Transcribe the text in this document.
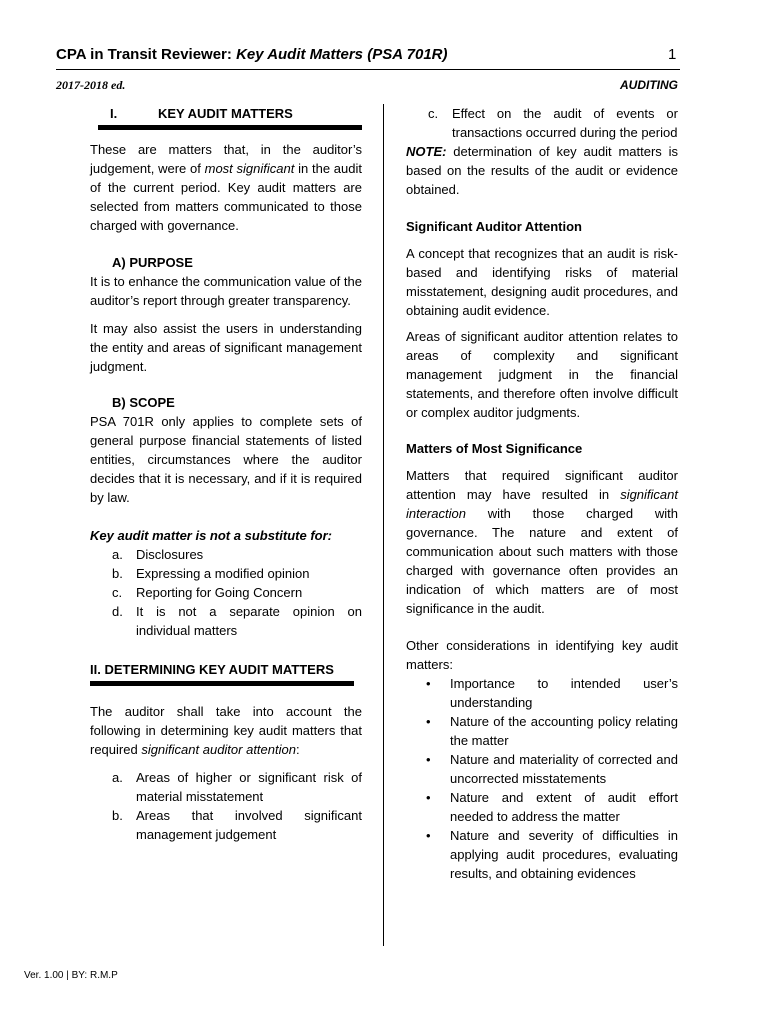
CPA in Transit Reviewer: Key Audit Matters (PSA 701R)	1
2017-2018 ed.	AUDITING
I.	KEY AUDIT MATTERS

These are matters that, in the auditor’s judgement, were of most significant in the audit of the current period. Key audit matters are selected from matters communicated to those charged with governance.

A) PURPOSE

It is to enhance the communication value of the auditor’s report through greater transparency.

It may also assist the users in understanding the entity and areas of significant management judgment.

B) SCOPE

PSA 701R only applies to complete sets of general purpose financial statements of listed entities, circumstances where the auditor decides that it is necessary, and if it is required by law.

Key audit matter is not a substitute for:
a.	Disclosures
b.	Expressing a modified opinion
c.	Reporting for Going Concern
d.	It is not a separate opinion on individual matters
II. DETERMINING KEY AUDIT MATTERS

The auditor shall take into account the following in determining key audit matters that required significant auditor attention:

a.	Areas of higher or significant risk of material misstatement
b.	Areas that involved significant management judgement
c.	Effect on the audit of events or transactions occurred during the period

NOTE: determination of key audit matters is based on the results of the audit or evidence obtained.

Significant Auditor Attention

A concept that recognizes that an audit is risk-based and identifying risks of material misstatement, designing audit procedures, and obtaining audit evidence.

Areas of significant auditor attention relates to areas of complexity and significant management judgment in the financial statements, and therefore often involve difficult or complex auditor judgments.

Matters of Most Significance

Matters that required significant auditor attention may have resulted in significant interaction with those charged with governance. The nature and extent of communication about such matters with those charged with governance often provides an indication of which matters are of most significance in the audit.

Other considerations in identifying key audit matters:

•	Importance to intended user’s understanding
•	Nature of the accounting policy relating the matter
•	Nature and materiality of corrected and uncorrected misstatements
•	Nature and extent of audit effort needed to address the matter
•	Nature and severity of difficulties in applying audit procedures, evaluating results, and obtaining evidences
Ver. 1.00 | BY: R.M.P
